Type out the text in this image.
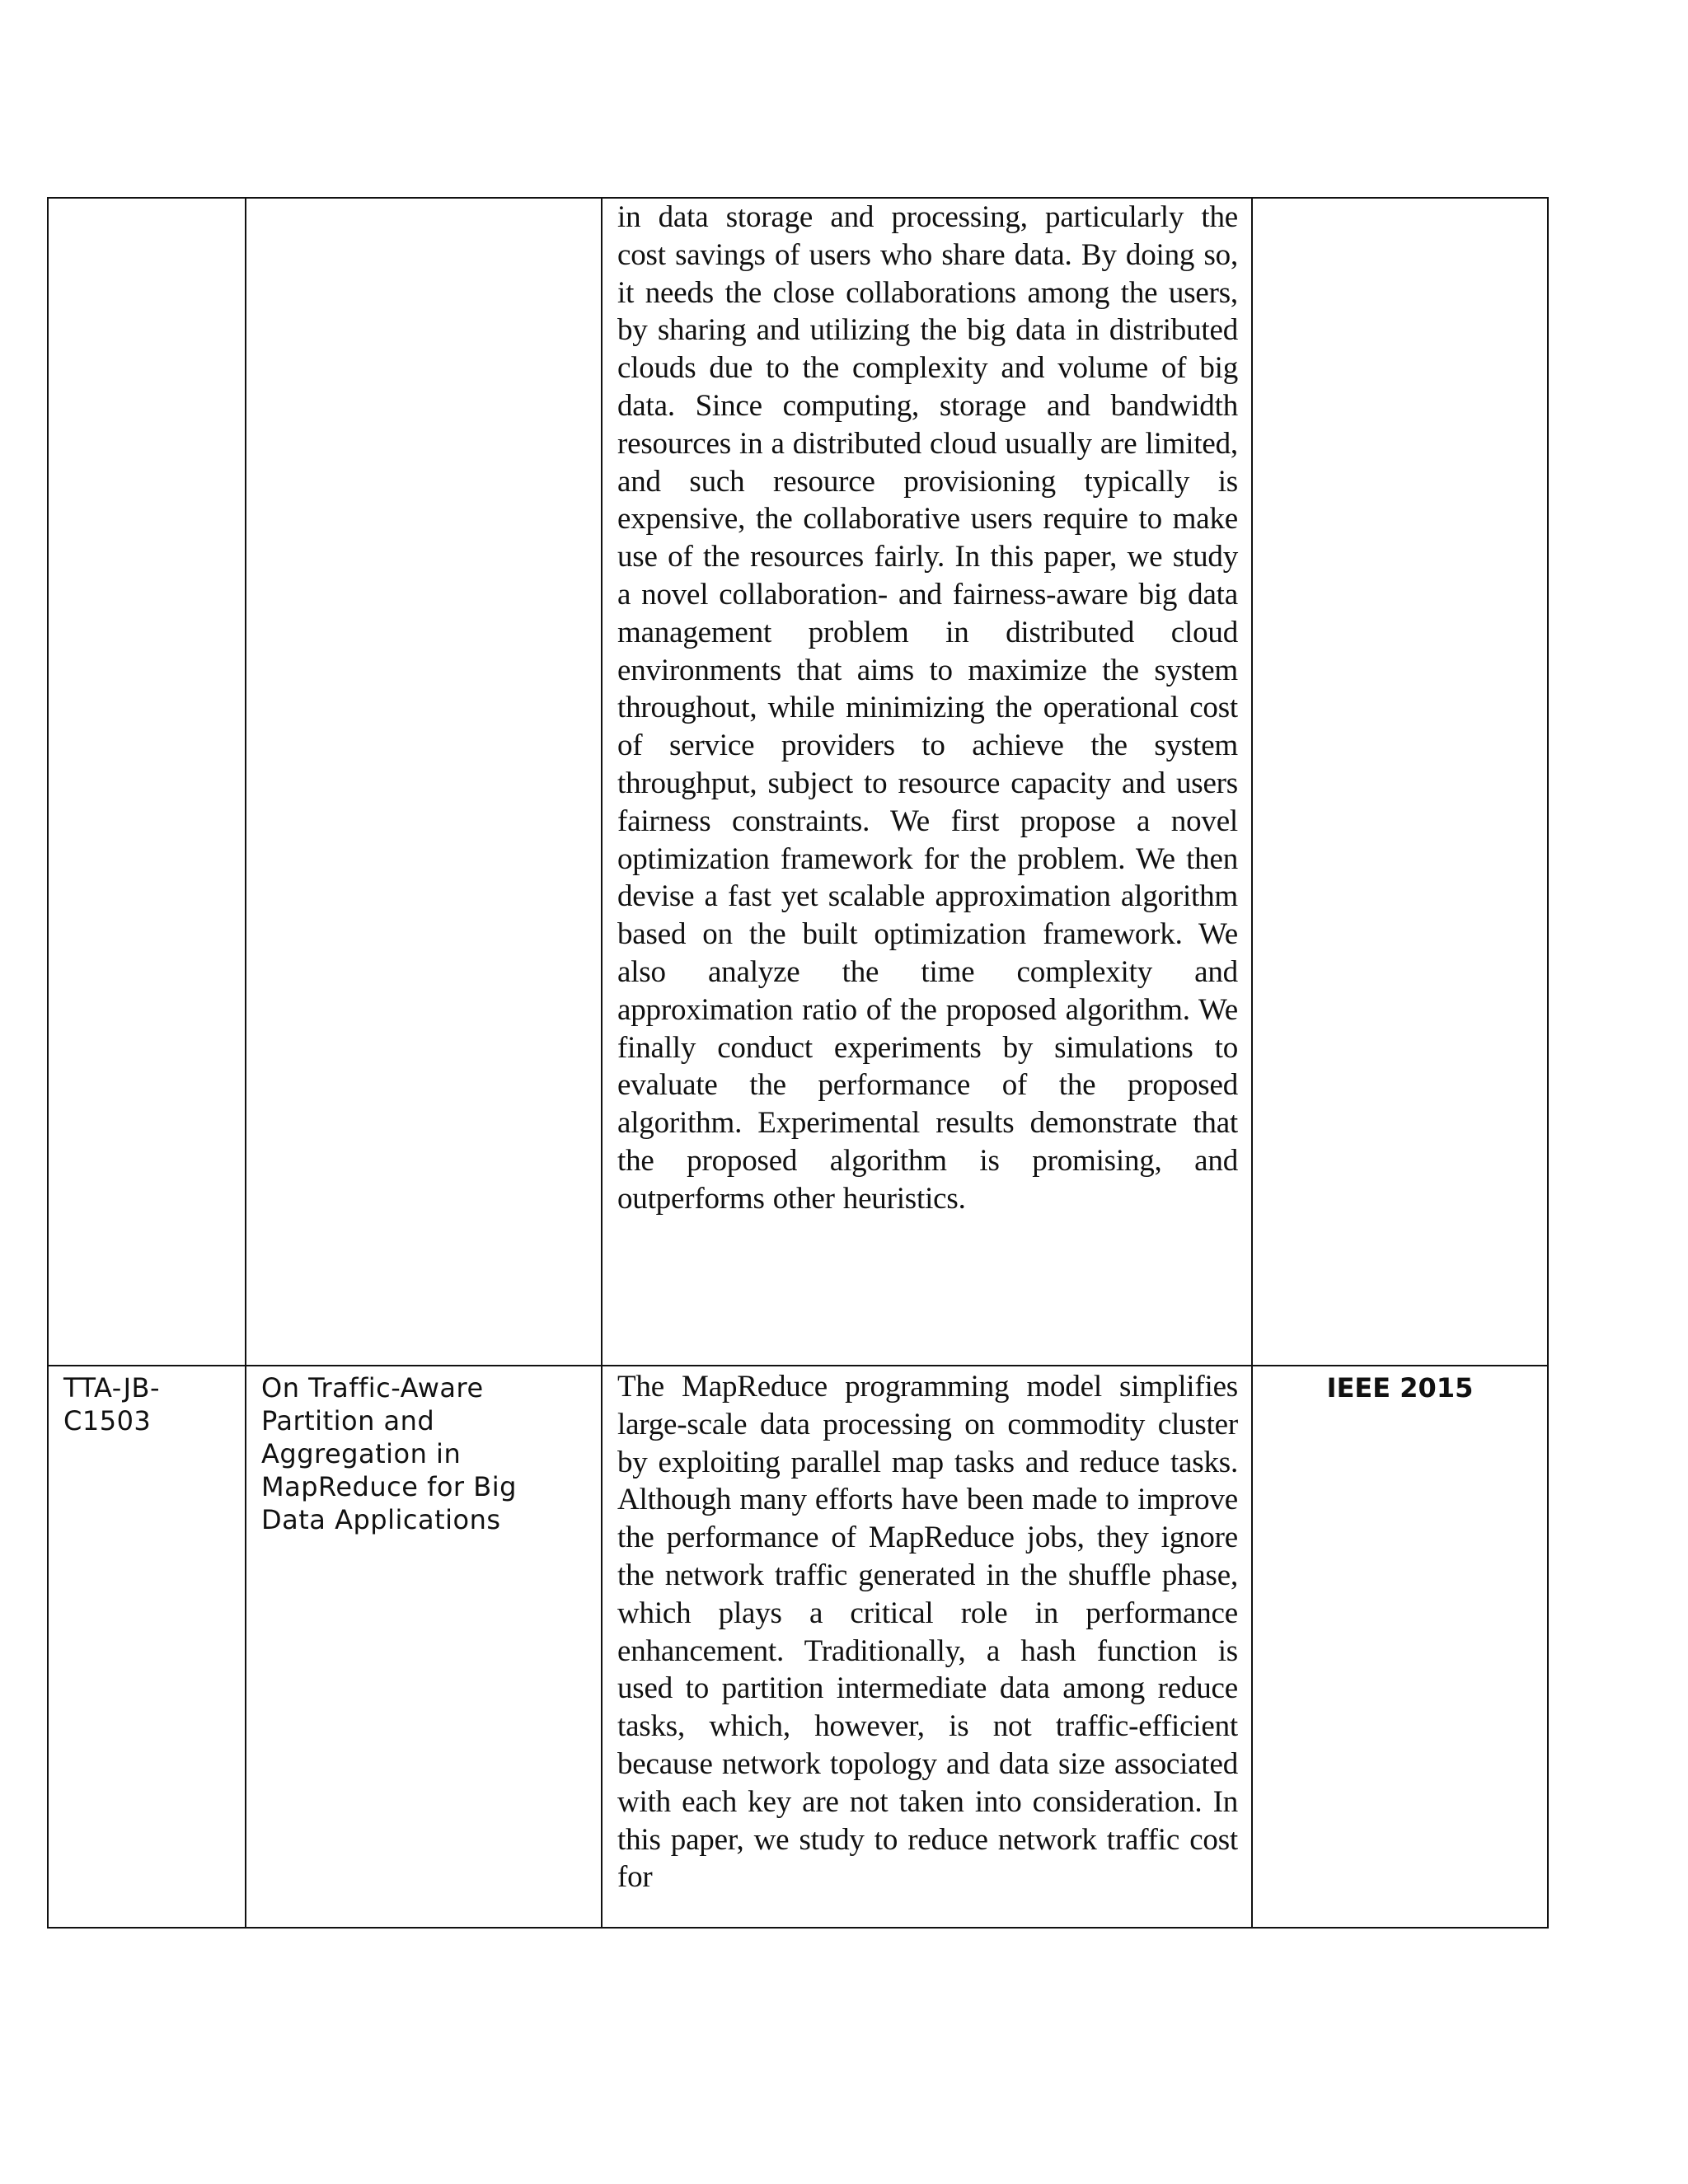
		in data storage and processing, particularly the cost savings of users who share data. By doing so, it needs the close collaborations among the users, by sharing and utilizing the big data in distributed clouds due to the complexity and volume of big data. Since computing, storage and bandwidth resources in a distributed cloud usually are limited, and such resource provisioning typically is expensive, the collaborative users require to make use of the resources fairly. In this paper, we study a novel collaboration- and fairness-aware big data management problem in distributed cloud environments that aims to maximize the system throughout, while minimizing the operational cost of service providers to achieve the system throughput, subject to resource capacity and users fairness constraints. We first propose a novel optimization framework for the problem. We then devise a fast yet scalable approximation algorithm based on the built optimization framework. We also analyze the time complexity and approximation ratio of the proposed algorithm. We finally conduct experiments by simulations to evaluate the performance of the proposed algorithm. Experimental results demonstrate that the proposed algorithm is promising, and outperforms other heuristics.	

TTA-JB-C1503	On Traffic-Aware Partition and Aggregation in MapReduce for Big Data Applications	The MapReduce programming model simplifies large-scale data processing on commodity cluster by exploiting parallel map tasks and reduce tasks. Although many efforts have been made to improve the performance of MapReduce jobs, they ignore the network traffic generated in the shuffle phase, which plays a critical role in performance enhancement. Traditionally, a hash function is used to partition intermediate data among reduce tasks, which, however, is not traffic-efficient because network topology and data size associated with each key are not taken into consideration. In this paper, we study to reduce network traffic cost for	IEEE 2015
